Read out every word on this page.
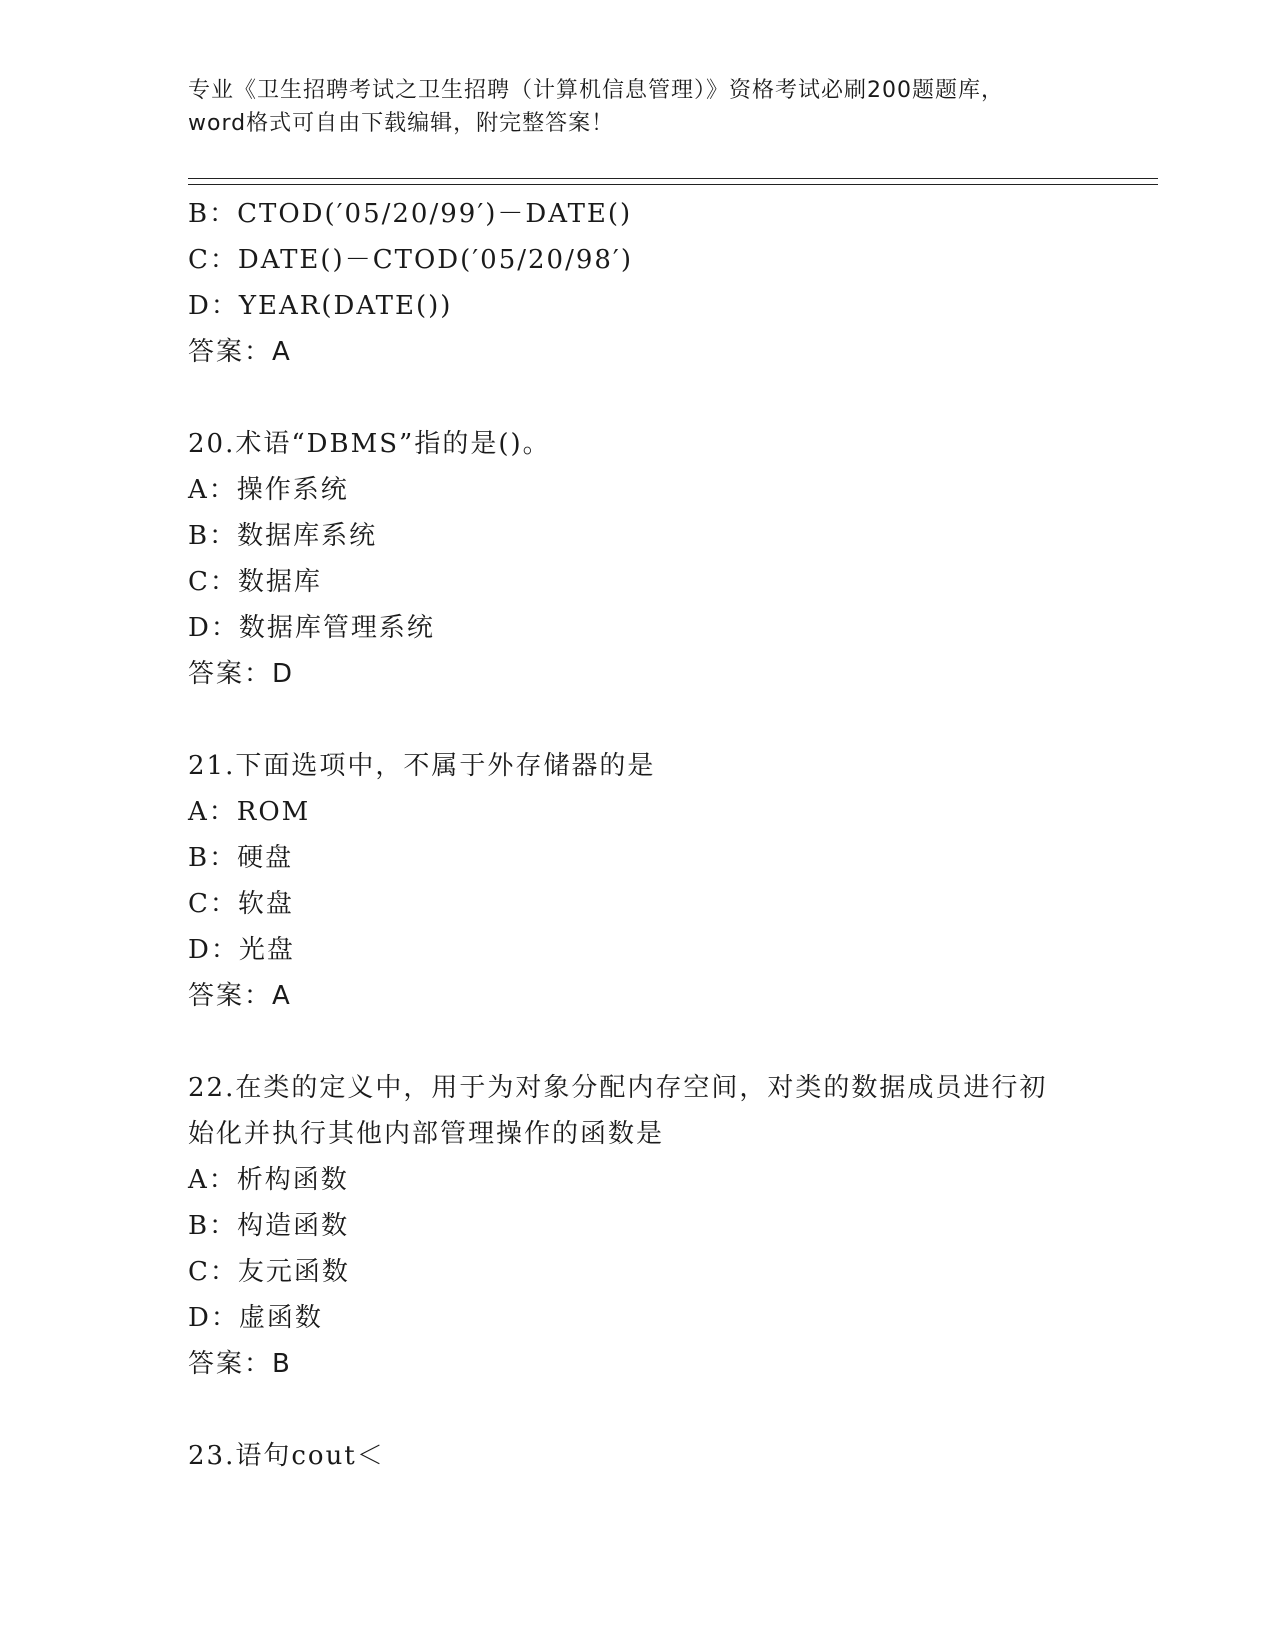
专业《卫生招聘考试之卫生招聘（计算机信息管理）》资格考试必刷200题题库，
word格式可自由下载编辑，附完整答案！
B：CTOD(′05/20/99′)－DATE()
C：DATE()－CTOD(′05/20/98′)
D：YEAR(DATE())
答案：A
20.术语“DBMS”指的是()。
A：操作系统
B：数据库系统
C：数据库
D：数据库管理系统
答案：D
21.下面选项中，不属于外存储器的是
A：ROM
B：硬盘
C：软盘
D：光盘
答案：A
22.在类的定义中，用于为对象分配内存空间，对类的数据成员进行初
始化并执行其他内部管理操作的函数是
A：析构函数
B：构造函数
C：友元函数
D：虚函数
答案：B
23.语句cout＜
